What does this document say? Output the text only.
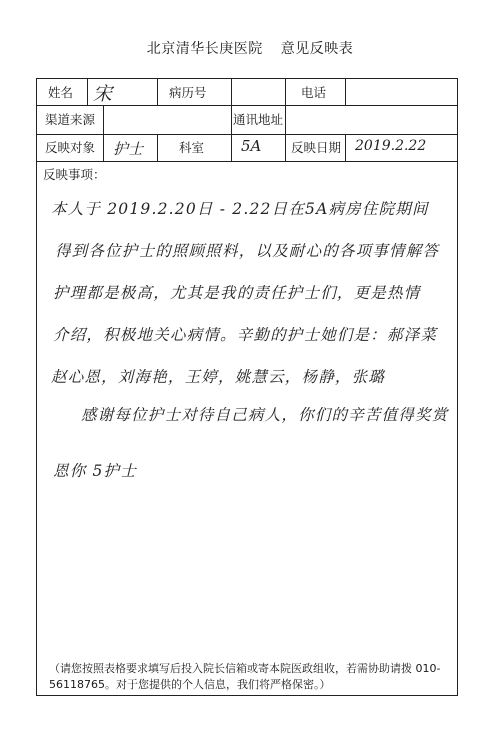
北京清华长庚医院 意见反映表
姓名 宋	病历号	电话
渠道来源	通讯地址
反映对象 护士	科室 5A 反映日期 2019.2.22
反映事项：
本人于 2019.2.20日 - 2.22日在5A病房住院期间
得到各位护士的照顾照料，以及耐心的各项事情解答
护理都是极高，尤其是我的责任护士们，更是热情
介绍，积极地关心病情。辛勤的护士她们是：郝泽菜
赵心恩，刘海艳，王婷，姚慧云，杨静，张璐
感谢每位护士对待自己病人，你们的辛苦值得奖赏
恩你 5护士
（请您按照表格要求填写后投入院长信箱或寄本院医政组收，若需协助请拨 010-56118765。对于您提供的个人信息，我们将严格保密。）
